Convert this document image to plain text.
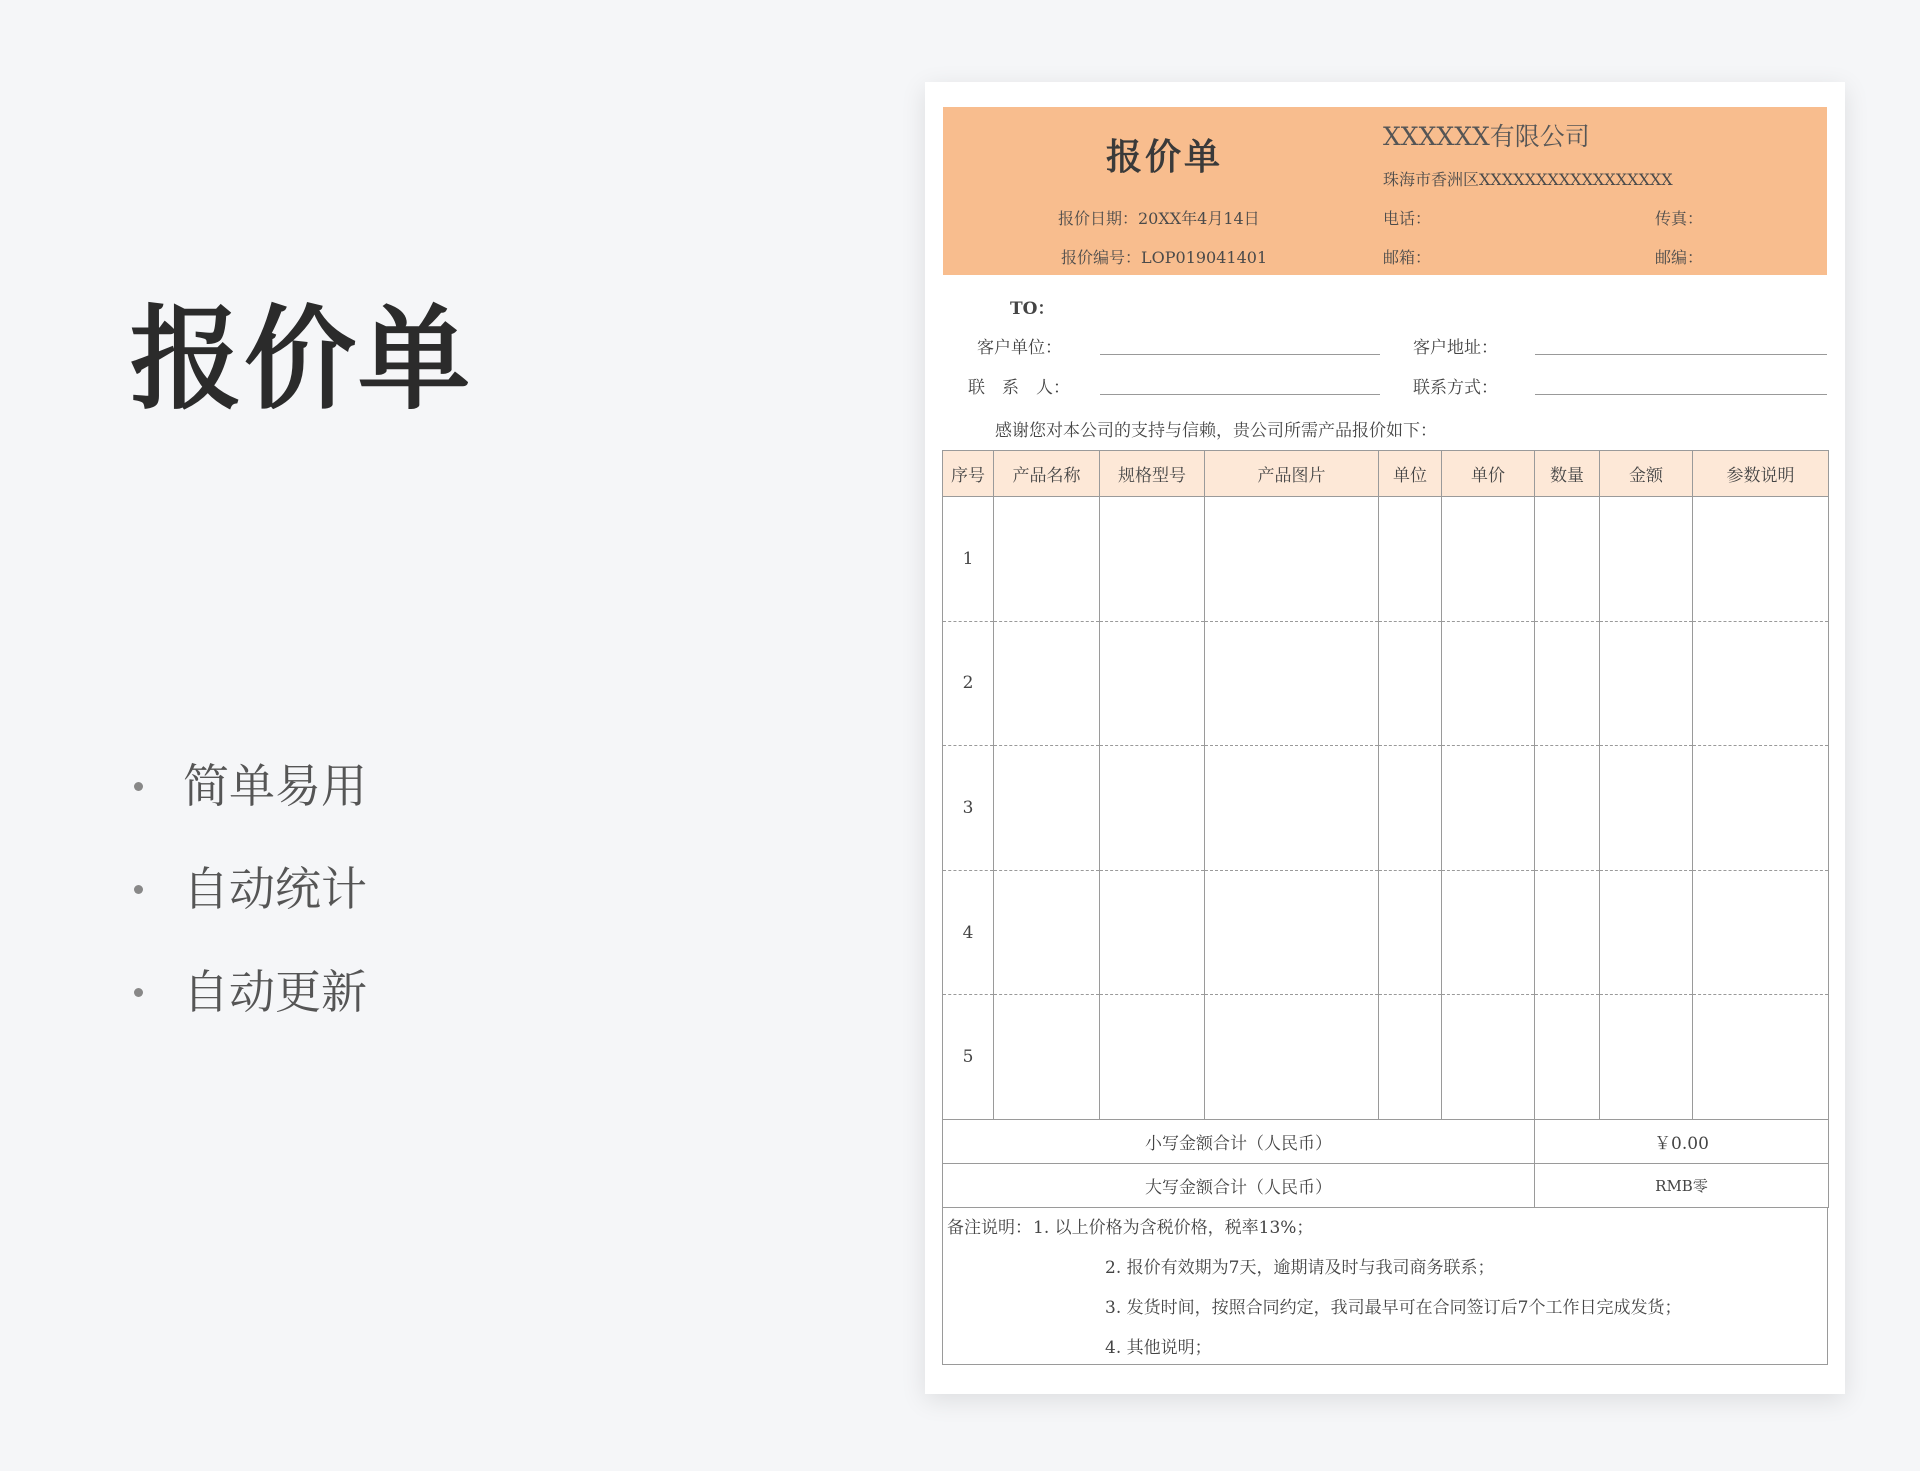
报价单
简单易用
自动统计
自动更新
报价单	XXXXXX有限公司
珠海市香洲区XXXXXXXXXXXXXXXXX
报价日期：20XX年4月14日	电话：	传真：
报价编号：LOP019041401	邮箱：	邮编：
TO：
客户单位：	客户地址：
联　系　人：	联系方式：
感谢您对本公司的支持与信赖，贵公司所需产品报价如下：
序号	产品名称	规格型号	产品图片	单位	单价	数量	金额	参数说明
1								
2								
3								
4								
5								
小写金额合计（人民币）						￥0.00		
大写金额合计（人民币）						RMB零		
备注说明： 1. 以上价格为含税价格，税率13%；
2. 报价有效期为7天，逾期请及时与我司商务联系；
3. 发货时间，按照合同约定，我司最早可在合同签订后7个工作日完成发货；
4. 其他说明；
